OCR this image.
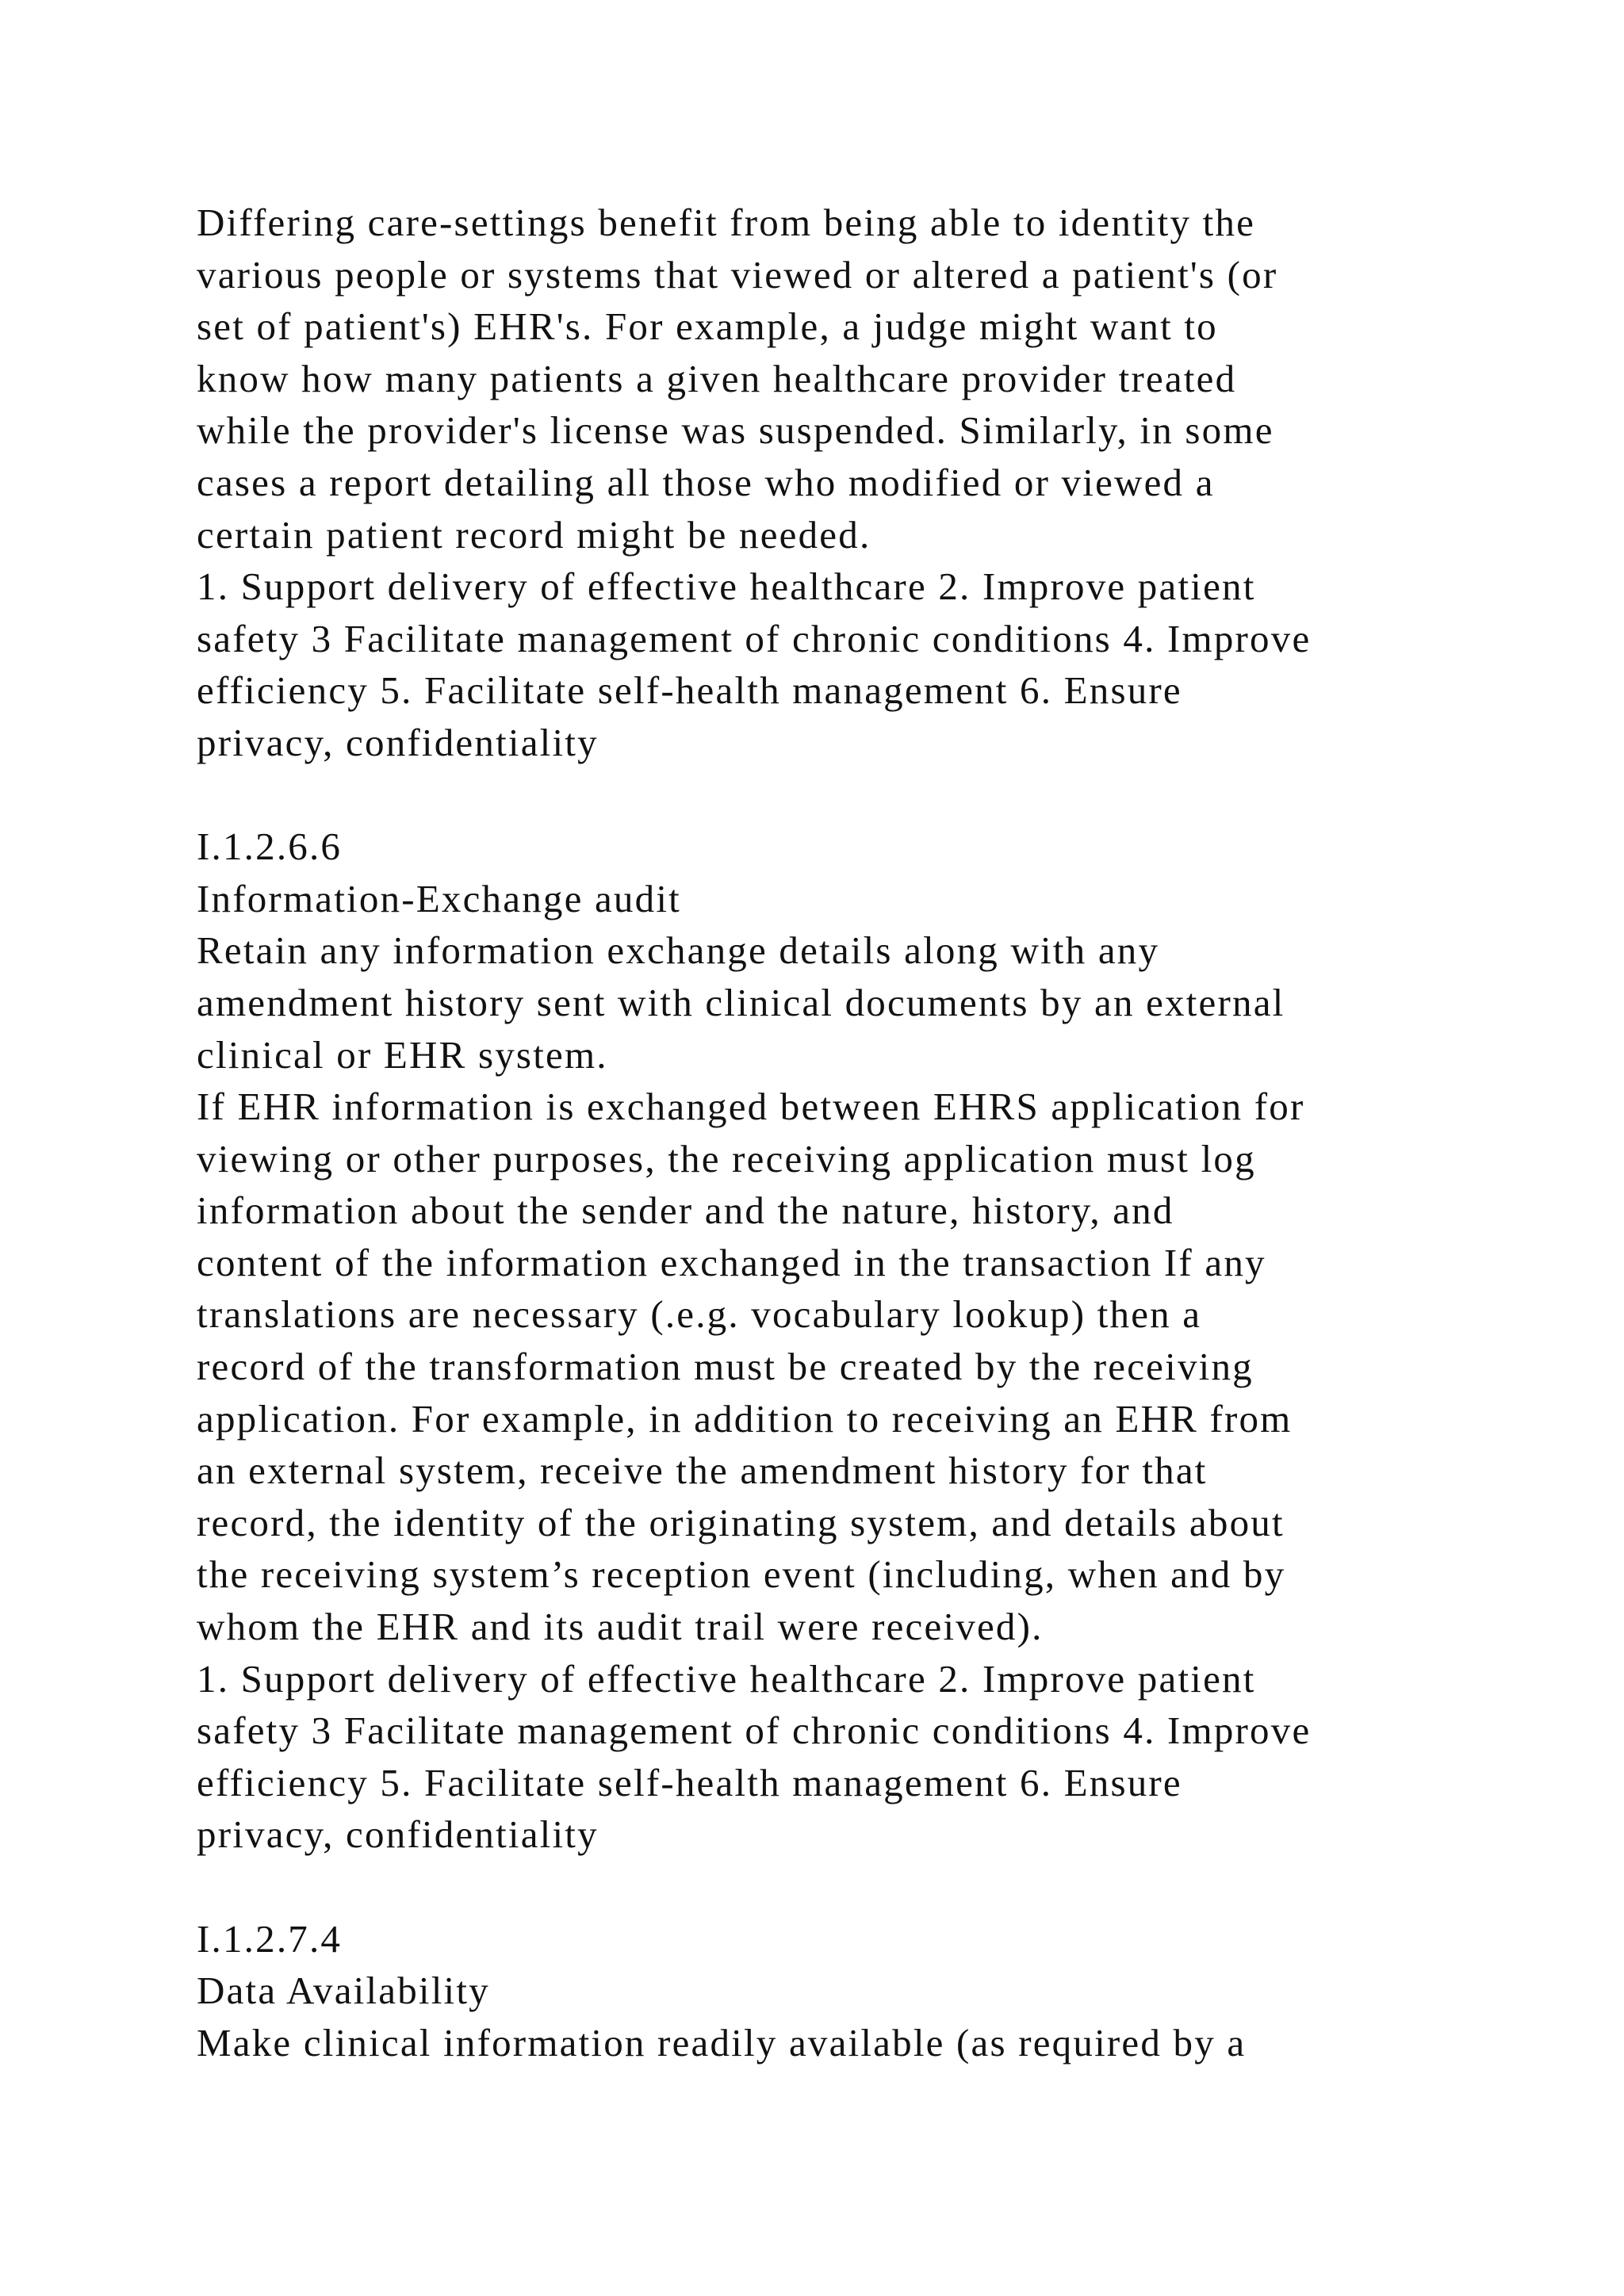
Differing care-settings benefit from being able to identity the
various people or systems that viewed or altered a patient's (or
set of patient's) EHR's. For example, a judge might want to
know how many patients a given healthcare provider treated
while the provider's license was suspended. Similarly, in some
cases a report detailing all those who modified or viewed a
certain patient record might be needed.
1. Support delivery of effective healthcare 2. Improve patient
safety 3 Facilitate management of chronic conditions 4. Improve
efficiency 5. Facilitate self-health management 6. Ensure
privacy, confidentiality
I.1.2.6.6
Information-Exchange audit
Retain any information exchange details along with any
amendment history sent with clinical documents by an external
clinical or EHR system.
If EHR information is exchanged between EHRS application for
viewing or other purposes, the receiving application must log
information about the sender and the nature, history, and
content of the information exchanged in the transaction If any
translations are necessary (.e.g. vocabulary lookup) then a
record of the transformation must be created by the receiving
application. For example, in addition to receiving an EHR from
an external system, receive the amendment history for that
record, the identity of the originating system, and details about
the receiving system’s reception event (including, when and by
whom the EHR and its audit trail were received).
1. Support delivery of effective healthcare 2. Improve patient
safety 3 Facilitate management of chronic conditions 4. Improve
efficiency 5. Facilitate self-health management 6. Ensure
privacy, confidentiality
I.1.2.7.4
Data Availability
Make clinical information readily available (as required by a
